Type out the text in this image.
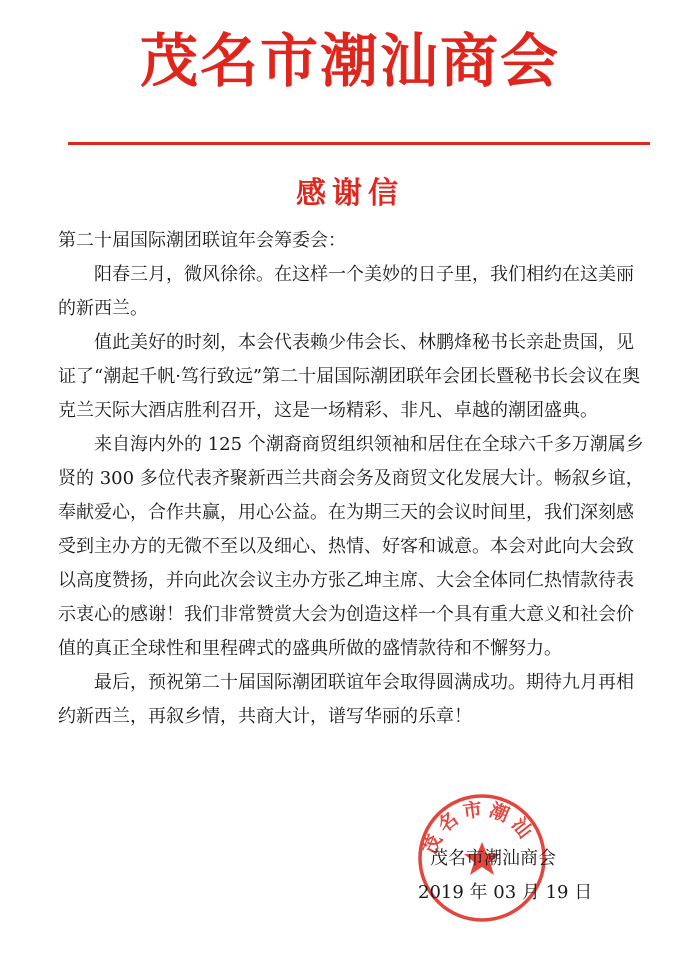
茂名市潮汕商会
感谢信

第二十届国际潮团联谊年会筹委会：

阳春三月，微风徐徐。在这样一个美妙的日子里，我们相约在这美丽的新西兰。

值此美好的时刻，本会代表赖少伟会长、林鹏烽秘书长亲赴贵国，见证了“潮起千帆·笃行致远”第二十届国际潮团联年会团长暨秘书长会议在奥克兰天际大酒店胜利召开，这是一场精彩、非凡、卓越的潮团盛典。

来自海内外的 125 个潮裔商贸组织领袖和居住在全球六千多万潮属乡贤的 300 多位代表齐聚新西兰共商会务及商贸文化发展大计。畅叙乡谊，奉献爱心，合作共赢，用心公益。在为期三天的会议时间里，我们深刻感受到主办方的无微不至以及细心、热情、好客和诚意。本会对此向大会致以高度赞扬，并向此次会议主办方张乙坤主席、大会全体同仁热情款待表示衷心的感谢！我们非常赞赏大会为创造这样一个具有重大意义和社会价值的真正全球性和里程碑式的盛典所做的盛情款待和不懈努力。

最后，预祝第二十届国际潮团联谊年会取得圆满成功。期待九月再相约新西兰，再叙乡情，共商大计，谱写华丽的乐章！

茂名市潮汕
茂名市潮汕商会
2019 年 03 月 19 日
